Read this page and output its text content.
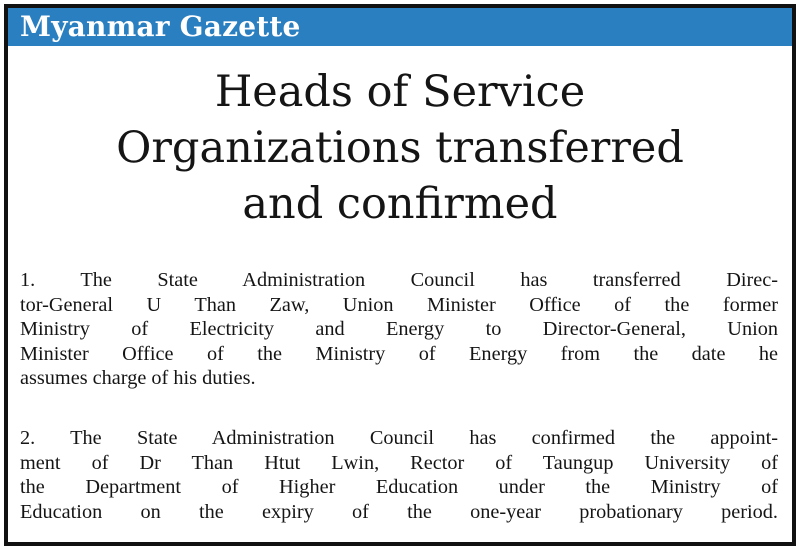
Myanmar Gazette
Heads of Service
Organizations transferred
and confirmed
1. The State Administration Council has transferred Direc-
tor-General U Than Zaw, Union Minister Office of the former
Ministry of Electricity and Energy to Director-General, Union
Minister Office of the Ministry of Energy from the date he
assumes charge of his duties.
2. The State Administration Council has confirmed the appoint-
ment of Dr Than Htut Lwin, Rector of Taungup University of
the Department of Higher Education under the Ministry of
Education on the expiry of the one-year probationary period.
